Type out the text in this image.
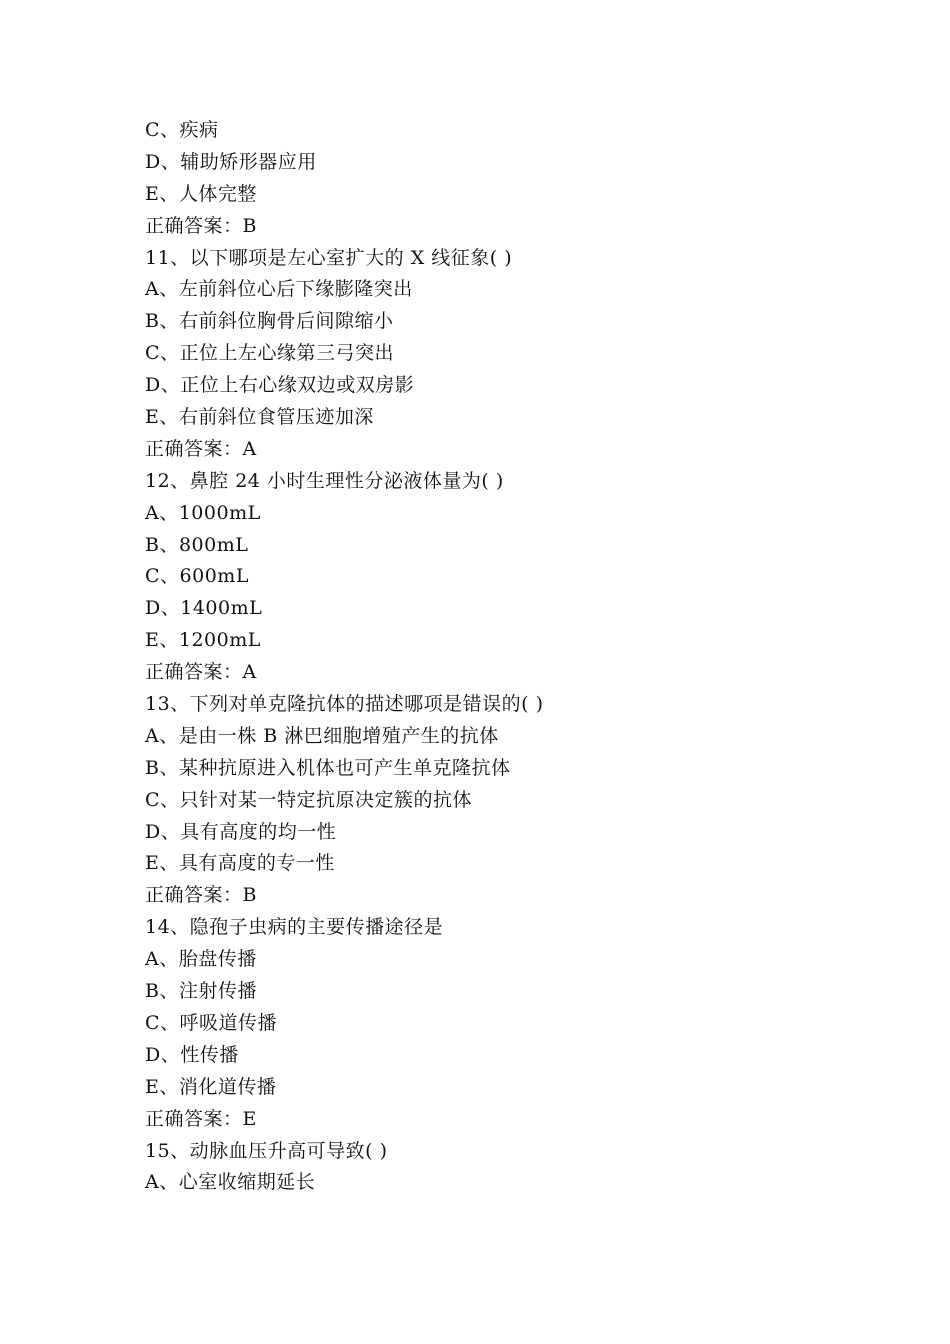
C、疾病
D、辅助矫形器应用
E、人体完整
正确答案：B
11、以下哪项是左心室扩大的 X 线征象( )
A、左前斜位心后下缘膨隆突出
B、右前斜位胸骨后间隙缩小
C、正位上左心缘第三弓突出
D、正位上右心缘双边或双房影
E、右前斜位食管压迹加深
正确答案：A
12、鼻腔 24 小时生理性分泌液体量为( )
A、1000mL
B、800mL
C、600mL
D、1400mL
E、1200mL
正确答案：A
13、下列对单克隆抗体的描述哪项是错误的( )
A、是由一株 B 淋巴细胞增殖产生的抗体
B、某种抗原进入机体也可产生单克隆抗体
C、只针对某一特定抗原决定簇的抗体
D、具有高度的均一性
E、具有高度的专一性
正确答案：B
14、隐孢子虫病的主要传播途径是
A、胎盘传播
B、注射传播
C、呼吸道传播
D、性传播
E、消化道传播
正确答案：E
15、动脉血压升高可导致( )
A、心室收缩期延长
